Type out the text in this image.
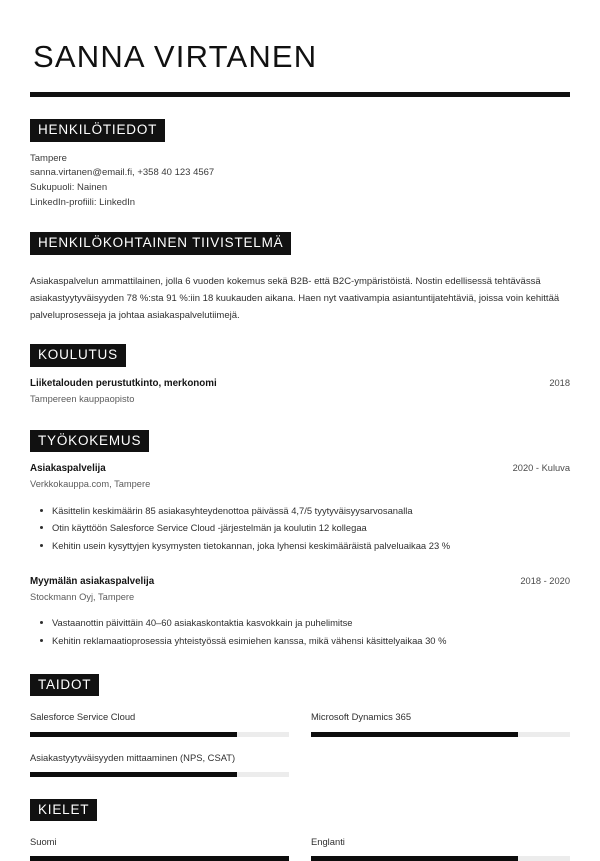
SANNA VIRTANEN
HENKILÖTIEDOT
Tampere
sanna.virtanen@email.fi, +358 40 123 4567
Sukupuoli: Nainen
LinkedIn-profiili: LinkedIn
HENKILÖKOHTAINEN TIIVISTELMÄ

Asiakaspalvelun ammattilainen, jolla 6 vuoden kokemus sekä B2B- että B2C-ympäristöistä. Nostin edellisessä tehtävässä asiakastyytyväisyyden 78 %:sta 91 %:iin 18 kuukauden aikana. Haen nyt vaativampia asiantuntijatehtäviä, joissa voin kehittää palveluprosesseja ja johtaa asiakaspalvelutiimejä.

KOULUTUS
Liiketalouden perustutkinto, merkonomi	2018
Tampereen kauppaopisto
TYÖKOKEMUS
Asiakaspalvelija	2020 - Kuluva
Verkkokauppa.com, Tampere
Käsittelin keskimäärin 85 asiakasyhteydenottoa päivässä 4,7/5 tyytyväisyysarvosanalla
Otin käyttöön Salesforce Service Cloud -järjestelmän ja koulutin 12 kollegaa
Kehitin usein kysyttyjen kysymysten tietokannan, joka lyhensi keskimääräistä palveluaikaa 23 %
Myymälän asiakaspalvelija	2018 - 2020
Stockmann Oyj, Tampere
Vastaanottin päivittäin 40–60 asiakaskontaktia kasvokkain ja puhelimitse
Kehitin reklamaatioprosessia yhteistyössä esimiehen kanssa, mikä vähensi käsittelyaikaa 30 %
TAIDOT
Salesforce Service Cloud	Microsoft Dynamics 365
Asiakastyytyväisyyden mittaaminen (NPS, CSAT)
KIELET
Suomi	Englanti
